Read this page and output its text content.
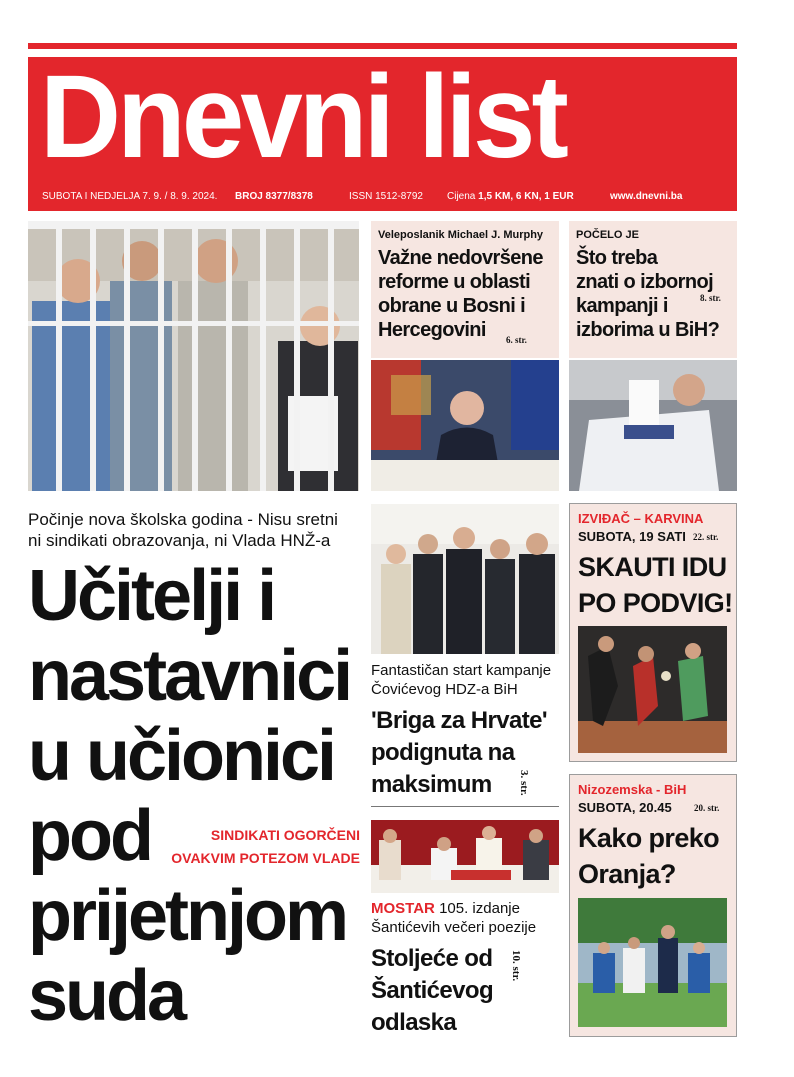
Dnevni list
SUBOTA I NEDJELJA 7. 9. / 8. 9. 2024. BROJ 8377/8378	ISSN 1512-8792 Cijena 1,5 KM, 6 KN, 1 EUR	www.dnevni.ba
Veleposlanik Michael J. Murphy
Važne nedovršene
reforme u oblasti
obrane u Bosni i
Hercegovini	6. str.
POČELO JE
Što treba
znati o izbornoj
kampanji i
izborima u BiH?
8. str.
Počinje nova školska godina - Nisu sretni
ni sindikati obrazovanja, ni Vlada HNŽ-a
Učitelji i
nastavnici
u učionici
pod
prijetnjom
suda
SINDIKATI OGORČENI
OVAKVIM POTEZOM VLADE
Fantastičan start kampanje
Čovićevog HDZ-a BiH
'Briga za Hrvate'
podignuta na
maksimum	3. str.
MOSTAR 105. izdanje
Šantićevih večeri poezije
Stoljeće od
Šantićevog
odlaska
10. str.
IZVIĐAČ – KARVINA
SUBOTA, 19 SATI 22. str.
SKAUTI IDU
PO PODVIG!
Nizozemska - BiH
SUBOTA, 20.45 20. str.
Kako preko
Oranja?
